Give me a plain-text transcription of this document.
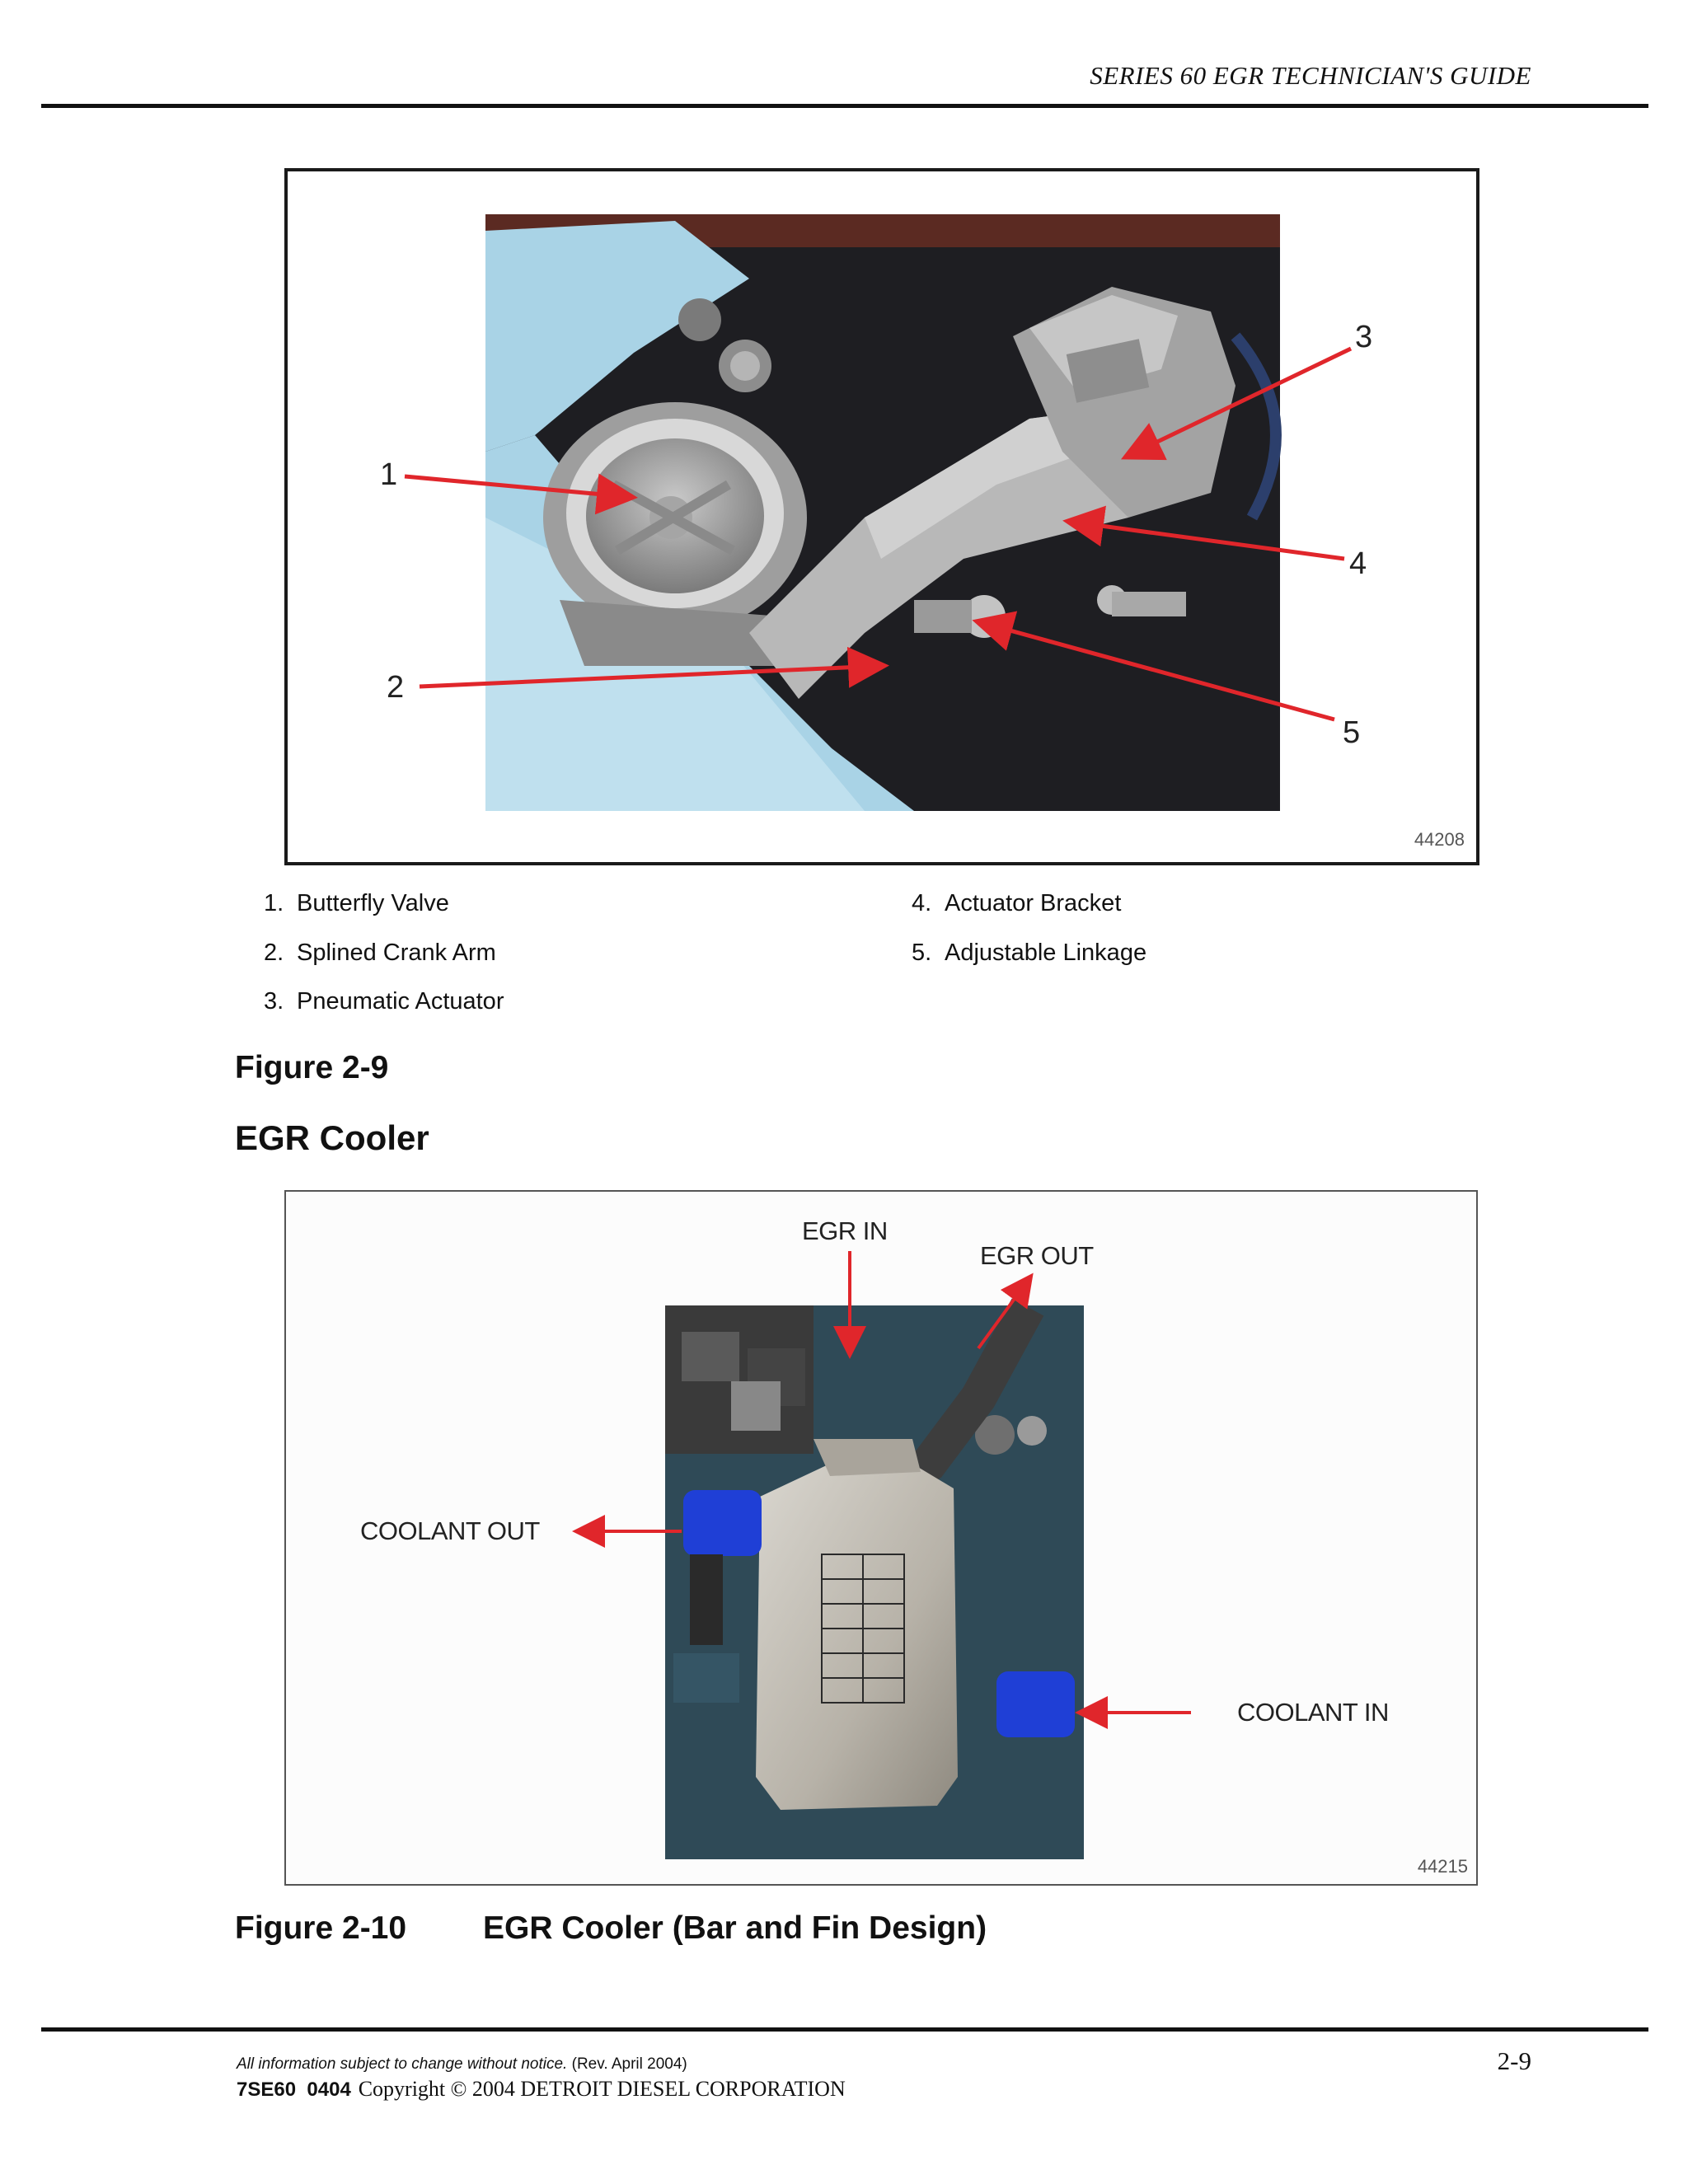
SERIES 60 EGR TECHNICIAN'S GUIDE
1
2
3
4
5
44208
1. Butterfly Valve
2. Splined Crank Arm
3. Pneumatic Actuator
4. Actuator Bracket
5. Adjustable Linkage
Figure 2-9
EGR Cooler
EGR IN
EGR OUT
COOLANT OUT
COOLANT IN
44215
Figure 2-10 EGR Cooler (Bar and Fin Design)
All information subject to change without notice. (Rev. April 2004)
7SE60  0404 Copyright © 2004 DETROIT DIESEL CORPORATION
2-9
